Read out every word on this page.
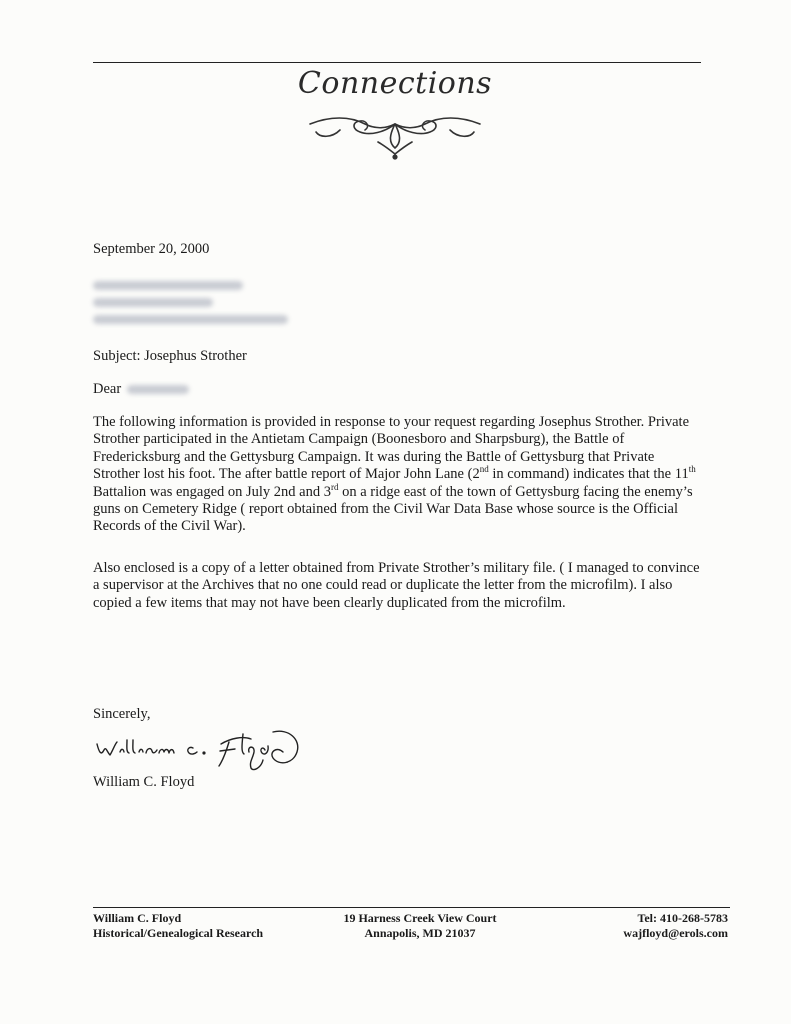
Connections
September 20, 2000
Subject: Josephus Strother
Dear
The following information is provided in response to your request regarding Josephus Strother. Private Strother participated in the Antietam Campaign (Boonesboro and Sharpsburg), the Battle of Fredericksburg and the Gettysburg Campaign. It was during the Battle of Gettysburg that Private Strother lost his foot. The after battle report of Major John Lane (2nd in command) indicates that the 11th Battalion was engaged on July 2nd and 3rd on a ridge east of the town of Gettysburg facing the enemy’s guns on Cemetery Ridge ( report obtained from the Civil War Data Base whose source is the Official Records of the Civil War).
Also enclosed is a copy of a letter obtained from Private Strother’s military file. ( I managed to convince a supervisor at the Archives that no one could read or duplicate the letter from the microfilm). I also copied a few items that may not have been clearly duplicated from the microfilm.
Sincerely,
William C. Floyd
William C. Floyd
Historical/Genealogical Research
19 Harness Creek View Court
Annapolis, MD 21037
Tel: 410-268-5783
wajfloyd@erols.com
